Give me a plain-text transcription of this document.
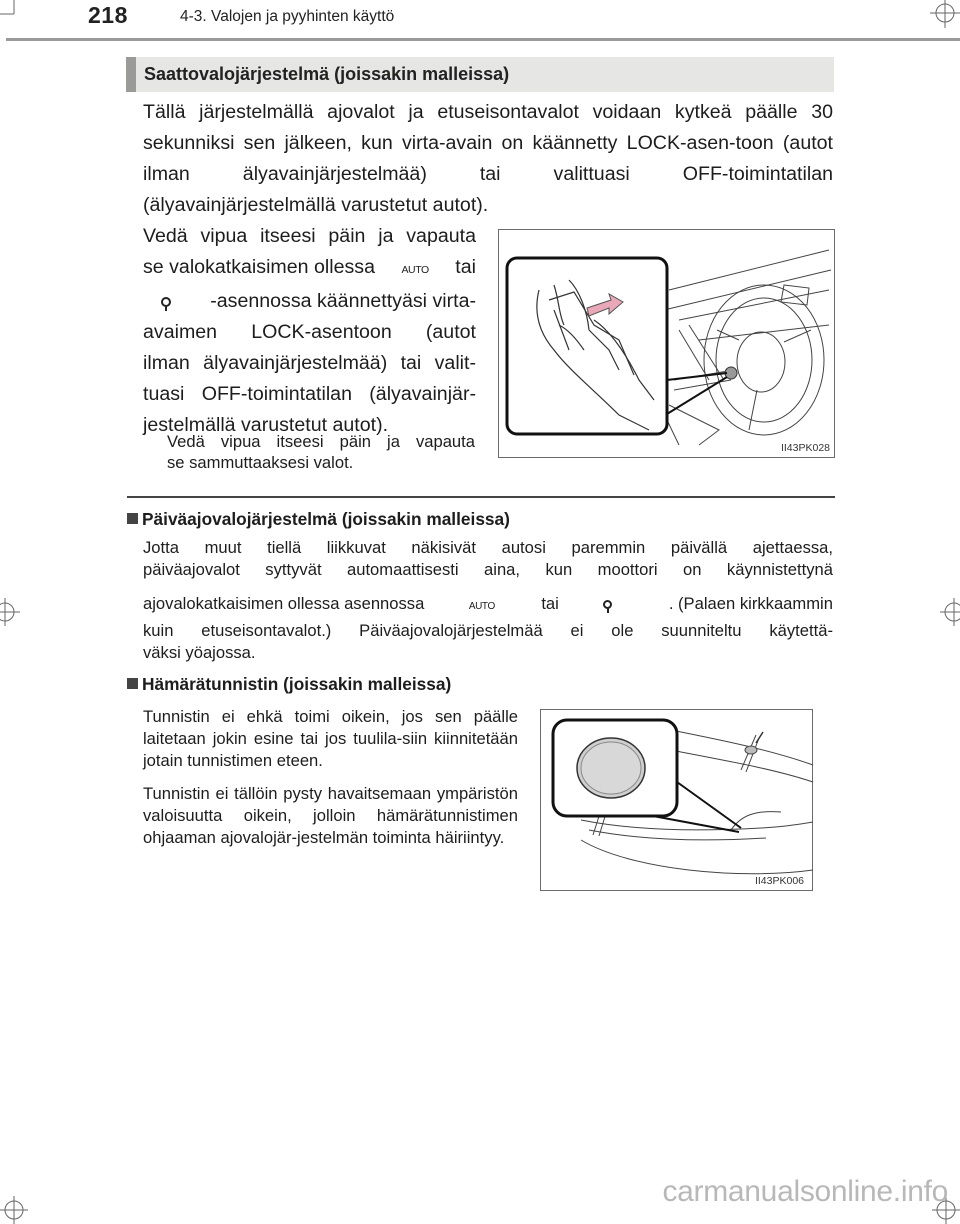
218	4-3. Valojen ja pyyhinten käyttö
Saattovalojärjestelmä (joissakin malleissa)
Tällä järjestelmällä ajovalot ja etuseisontavalot voidaan kytkeä päälle 30 sekunniksi sen jälkeen, kun virta-avain on käännetty LOCK-asen-toon (autot ilman älyavainjärjestelmää) tai valittuasi OFF-toimintatilan (älyavainjärjestelmällä varustetut autot).
Vedä vipua itseesi päin ja vapauta
se valokatkaisimen ollessa	AUTO tai
-asennossa käännettyäsi virta-
avaimen LOCK-asentoon (autot
ilman älyavainjärjestelmää) tai valit-
tuasi OFF-toimintatilan (älyavainjär-
jestelmällä varustetut autot).
Vedä vipua itseesi päin ja vapauta
se sammuttaaksesi valot.
II43PK028
Päiväajovalojärjestelmä (joissakin malleissa)
Jotta muut tiellä liikkuvat näkisivät autosi paremmin päivällä ajettaessa,
päiväajovalot syttyvät automaattisesti aina, kun moottori on käynnistettynä
ajovalokatkaisimen ollessa asennossa	AUTO	tai	. (Palaen kirkkaammin
kuin etuseisontavalot.) Päiväajovalojärjestelmää ei ole suunniteltu käytettä-
väksi yöajossa.
Hämärätunnistin (joissakin malleissa)

Tunnistin ei ehkä toimi oikein, jos sen päälle laitetaan jokin esine tai jos tuulila-siin kiinnitetään jotain tunnistimen eteen.

Tunnistin ei tällöin pysty havaitsemaan ympäristön valoisuutta oikein, jolloin hämärätunnistimen ohjaaman ajovalojär-jestelmän toiminta häiriintyy.

II43PK006
carmanualsonline.info
